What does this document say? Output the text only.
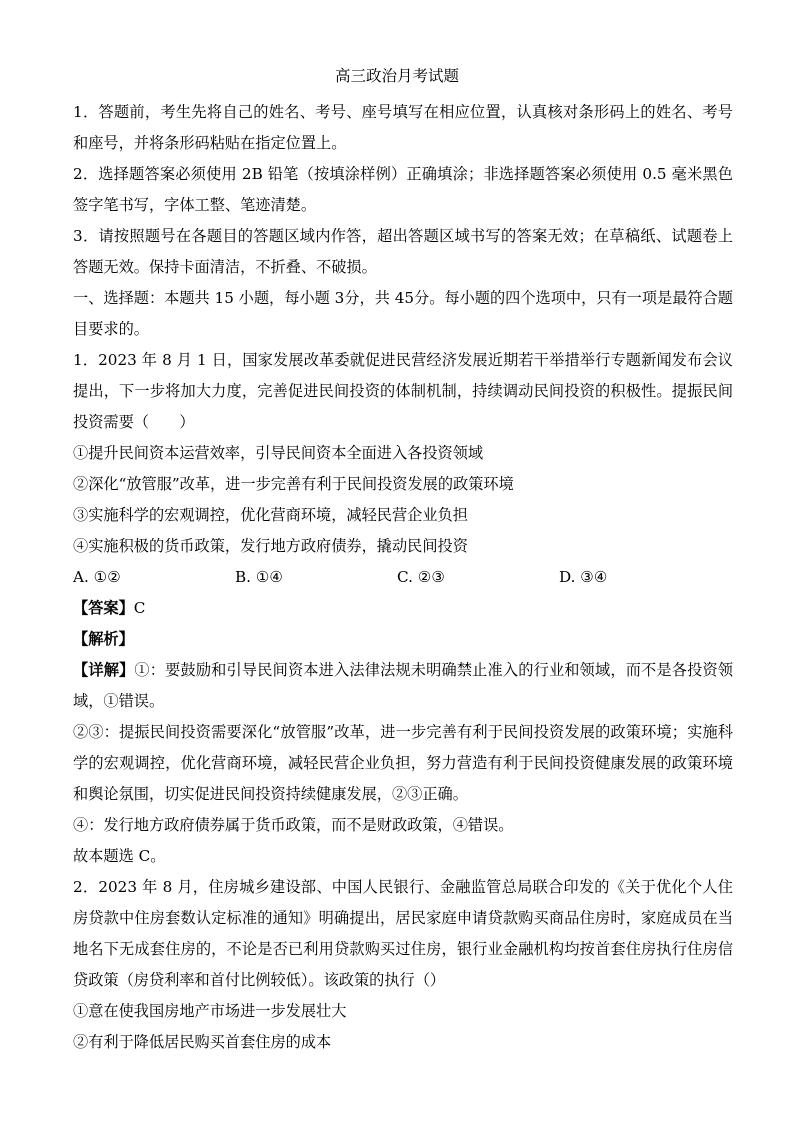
高三政治月考试题

1．答题前，考生先将自己的姓名、考号、座号填写在相应位置，认真核对条形码上的姓名、考号和座号，并将条形码粘贴在指定位置上。

2．选择题答案必须使用 2B 铅笔（按填涂样例）正确填涂；非选择题答案必须使用 0.5 毫米黑色签字笔书写，字体工整、笔迹清楚。

3．请按照题号在各题目的答题区域内作答，超出答题区域书写的答案无效；在草稿纸、试题卷上答题无效。保持卡面清洁，不折叠、不破损。

一、选择题：本题共 15 小题，每小题 3分，共 45分。每小题的四个选项中，只有一项是最符合题目要求的。

1．2023 年 8 月 1 日，国家发展改革委就促进民营经济发展近期若干举措举行专题新闻发布会议提出，下一步将加大力度，完善促进民间投资的体制机制，持续调动民间投资的积极性。提振民间投资需要（　　）

①提升民间资本运营效率，引导民间资本全面进入各投资领域

②深化“放管服”改革，进一步完善有利于民间投资发展的政策环境

③实施科学的宏观调控，优化营商环境，减轻民营企业负担

④实施积极的货币政策，发行地方政府债券，撬动民间投资

A. ①②	B. ①④	C. ②③	D. ③④

【答案】C

【解析】

【详解】①：要鼓励和引导民间资本进入法律法规未明确禁止准入的行业和领域，而不是各投资领域，①错误。

②③：提振民间投资需要深化“放管服”改革，进一步完善有利于民间投资发展的政策环境；实施科学的宏观调控，优化营商环境，减轻民营企业负担，努力营造有利于民间投资健康发展的政策环境和舆论氛围，切实促进民间投资持续健康发展，②③正确。

④：发行地方政府债券属于货币政策，而不是财政政策，④错误。

故本题选 C。

2．2023 年 8 月，住房城乡建设部、中国人民银行、金融监管总局联合印发的《关于优化个人住房贷款中住房套数认定标准的通知》明确提出，居民家庭申请贷款购买商品住房时，家庭成员在当地名下无成套住房的，不论是否已利用贷款购买过住房，银行业金融机构均按首套住房执行住房信贷政策（房贷利率和首付比例较低）。该政策的执行（）

①意在使我国房地产市场进一步发展壮大

②有利于降低居民购买首套住房的成本
